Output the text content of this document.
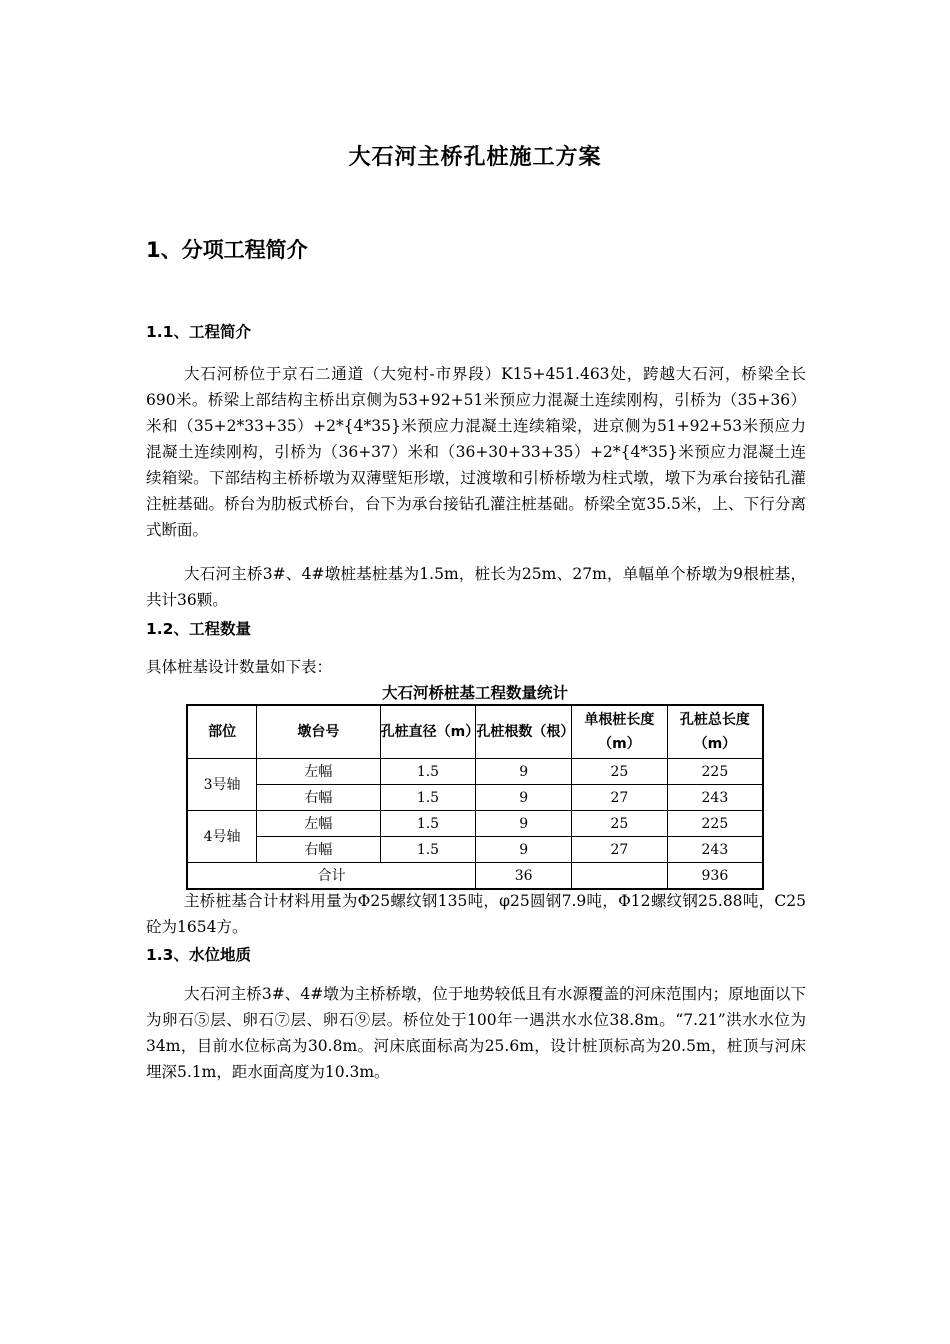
大石河主桥孔桩施工方案
1、分项工程简介
1.1、工程简介
大石河桥位于京石二通道（大宛村-市界段）K15+451.463处，跨越大石河，桥梁全长690米。桥梁上部结构主桥出京侧为53+92+51米预应力混凝土连续刚构，引桥为（35+36）米和（35+2*33+35）+2*{4*35}米预应力混凝土连续箱梁，进京侧为51+92+53米预应力混凝土连续刚构，引桥为（36+37）米和（36+30+33+35）+2*{4*35}米预应力混凝土连续箱梁。下部结构主桥桥墩为双薄壁矩形墩，过渡墩和引桥桥墩为柱式墩，墩下为承台接钻孔灌注桩基础。桥台为肋板式桥台，台下为承台接钻孔灌注桩基础。桥梁全宽35.5米，上、下行分离式断面。
大石河主桥3#、4#墩桩基桩基为1.5m，桩长为25m、27m，单幅单个桥墩为9根桩基，共计36颗。
1.2、工程数量
具体桩基设计数量如下表：
大石河桥桩基工程数量统计
部位	墩台号	孔桩直径（m）	孔桩根数（根）	单根桩长度（m）	孔桩总长度（m）
3号轴	左幅	1.5	9	25	225
	右幅	1.5	9	27	243
4号轴	左幅	1.5	9	25	225
	右幅	1.5	9	27	243
合计			36		936
主桥桩基合计材料用量为Φ25螺纹钢135吨，φ25圆钢7.9吨，Φ12螺纹钢25.88吨，C25砼为1654方。
1.3、水位地质
大石河主桥3#、4#墩为主桥桥墩，位于地势较低且有水源覆盖的河床范围内；原地面以下为卵石⑤层、卵石⑦层、卵石⑨层。桥位处于100年一遇洪水水位38.8m。“7.21”洪水水位为34m，目前水位标高为30.8m。河床底面标高为25.6m，设计桩顶标高为20.5m，桩顶与河床埋深5.1m，距水面高度为10.3m。
